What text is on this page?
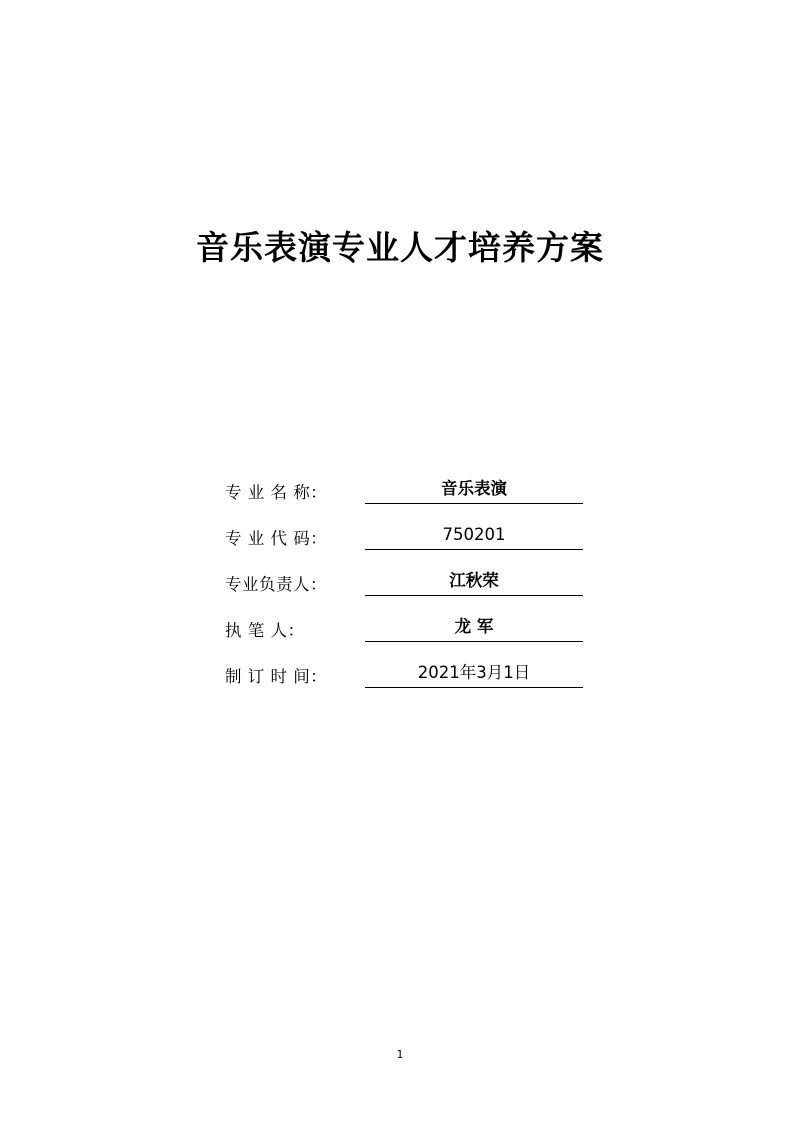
音乐表演专业人才培养方案
专 业 名 称：	音乐表演
专 业 代 码：	750201
专业负责人：	江秋荣
执 笔 人：	龙 军
制 订 时 间：	2021年3月1日
1
